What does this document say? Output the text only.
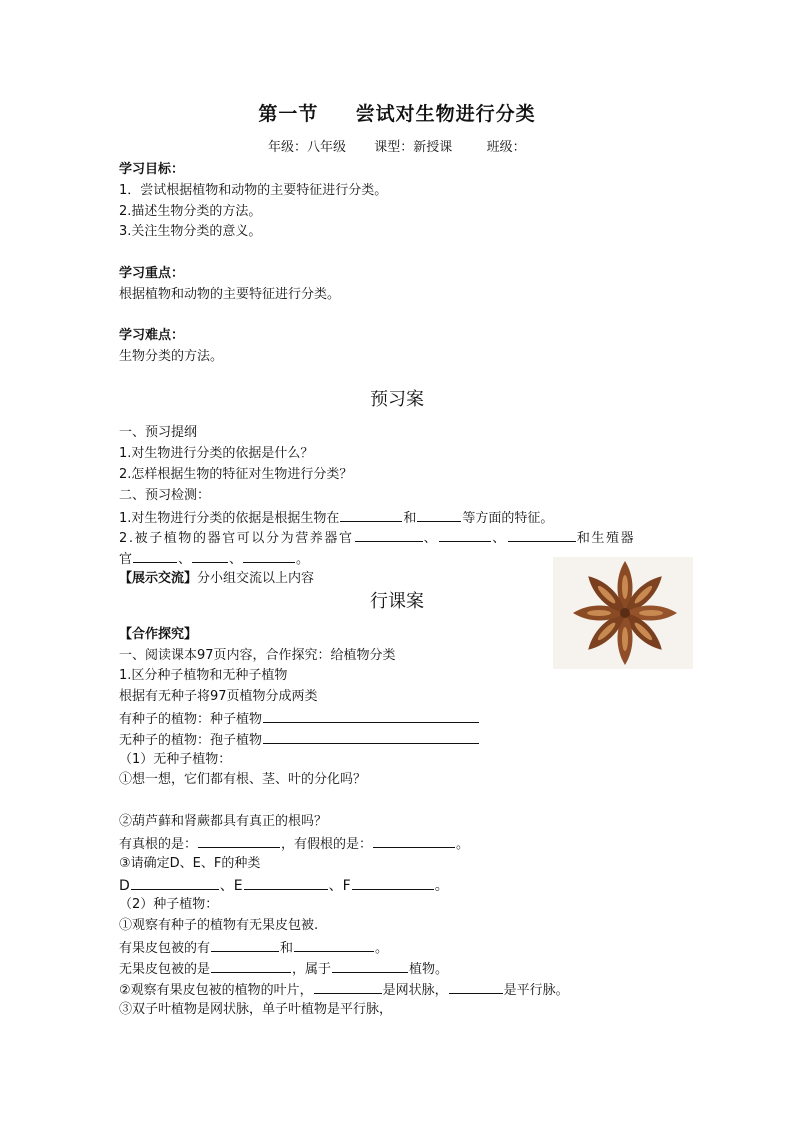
第一节 尝试对生物进行分类
年级：八年级 课型：新授课	班级：
学习目标：
1．尝试根据植物和动物的主要特征进行分类。
2.描述生物分类的方法。
3.关注生物分类的意义。
学习重点：
根据植物和动物的主要特征进行分类。
学习难点：
生物分类的方法。
预习案
一、预习提纲
1.对生物进行分类的依据是什么？
2.怎样根据生物的特征对生物进行分类？
二、预习检测：
1.对生物进行分类的依据是根据生物在	和	等方面的特征。
2.被子植物的器官可以分为营养器官	、	、	和生殖器
官	、	、	。
【展示交流】分小组交流以上内容
行课案
【合作探究】
一、阅读课本97页内容，合作探究：给植物分类
1.区分种子植物和无种子植物
根据有无种子将97页植物分成两类
有种子的植物：种子植物
无种子的植物：孢子植物
（1）无种子植物：
①想一想，它们都有根、茎、叶的分化吗？
②葫芦藓和肾蕨都具有真正的根吗？
有真根的是：	，有假根的是：	。
③请确定D、E、F的种类
D	、E	、F	。
（2）种子植物：
①观察有种子的植物有无果皮包被.
有果皮包被的有	和	。
无果皮包被的是	，属于	植物。
②观察有果皮包被的植物的叶片，	是网状脉，	是平行脉。
③双子叶植物是网状脉，单子叶植物是平行脉，
